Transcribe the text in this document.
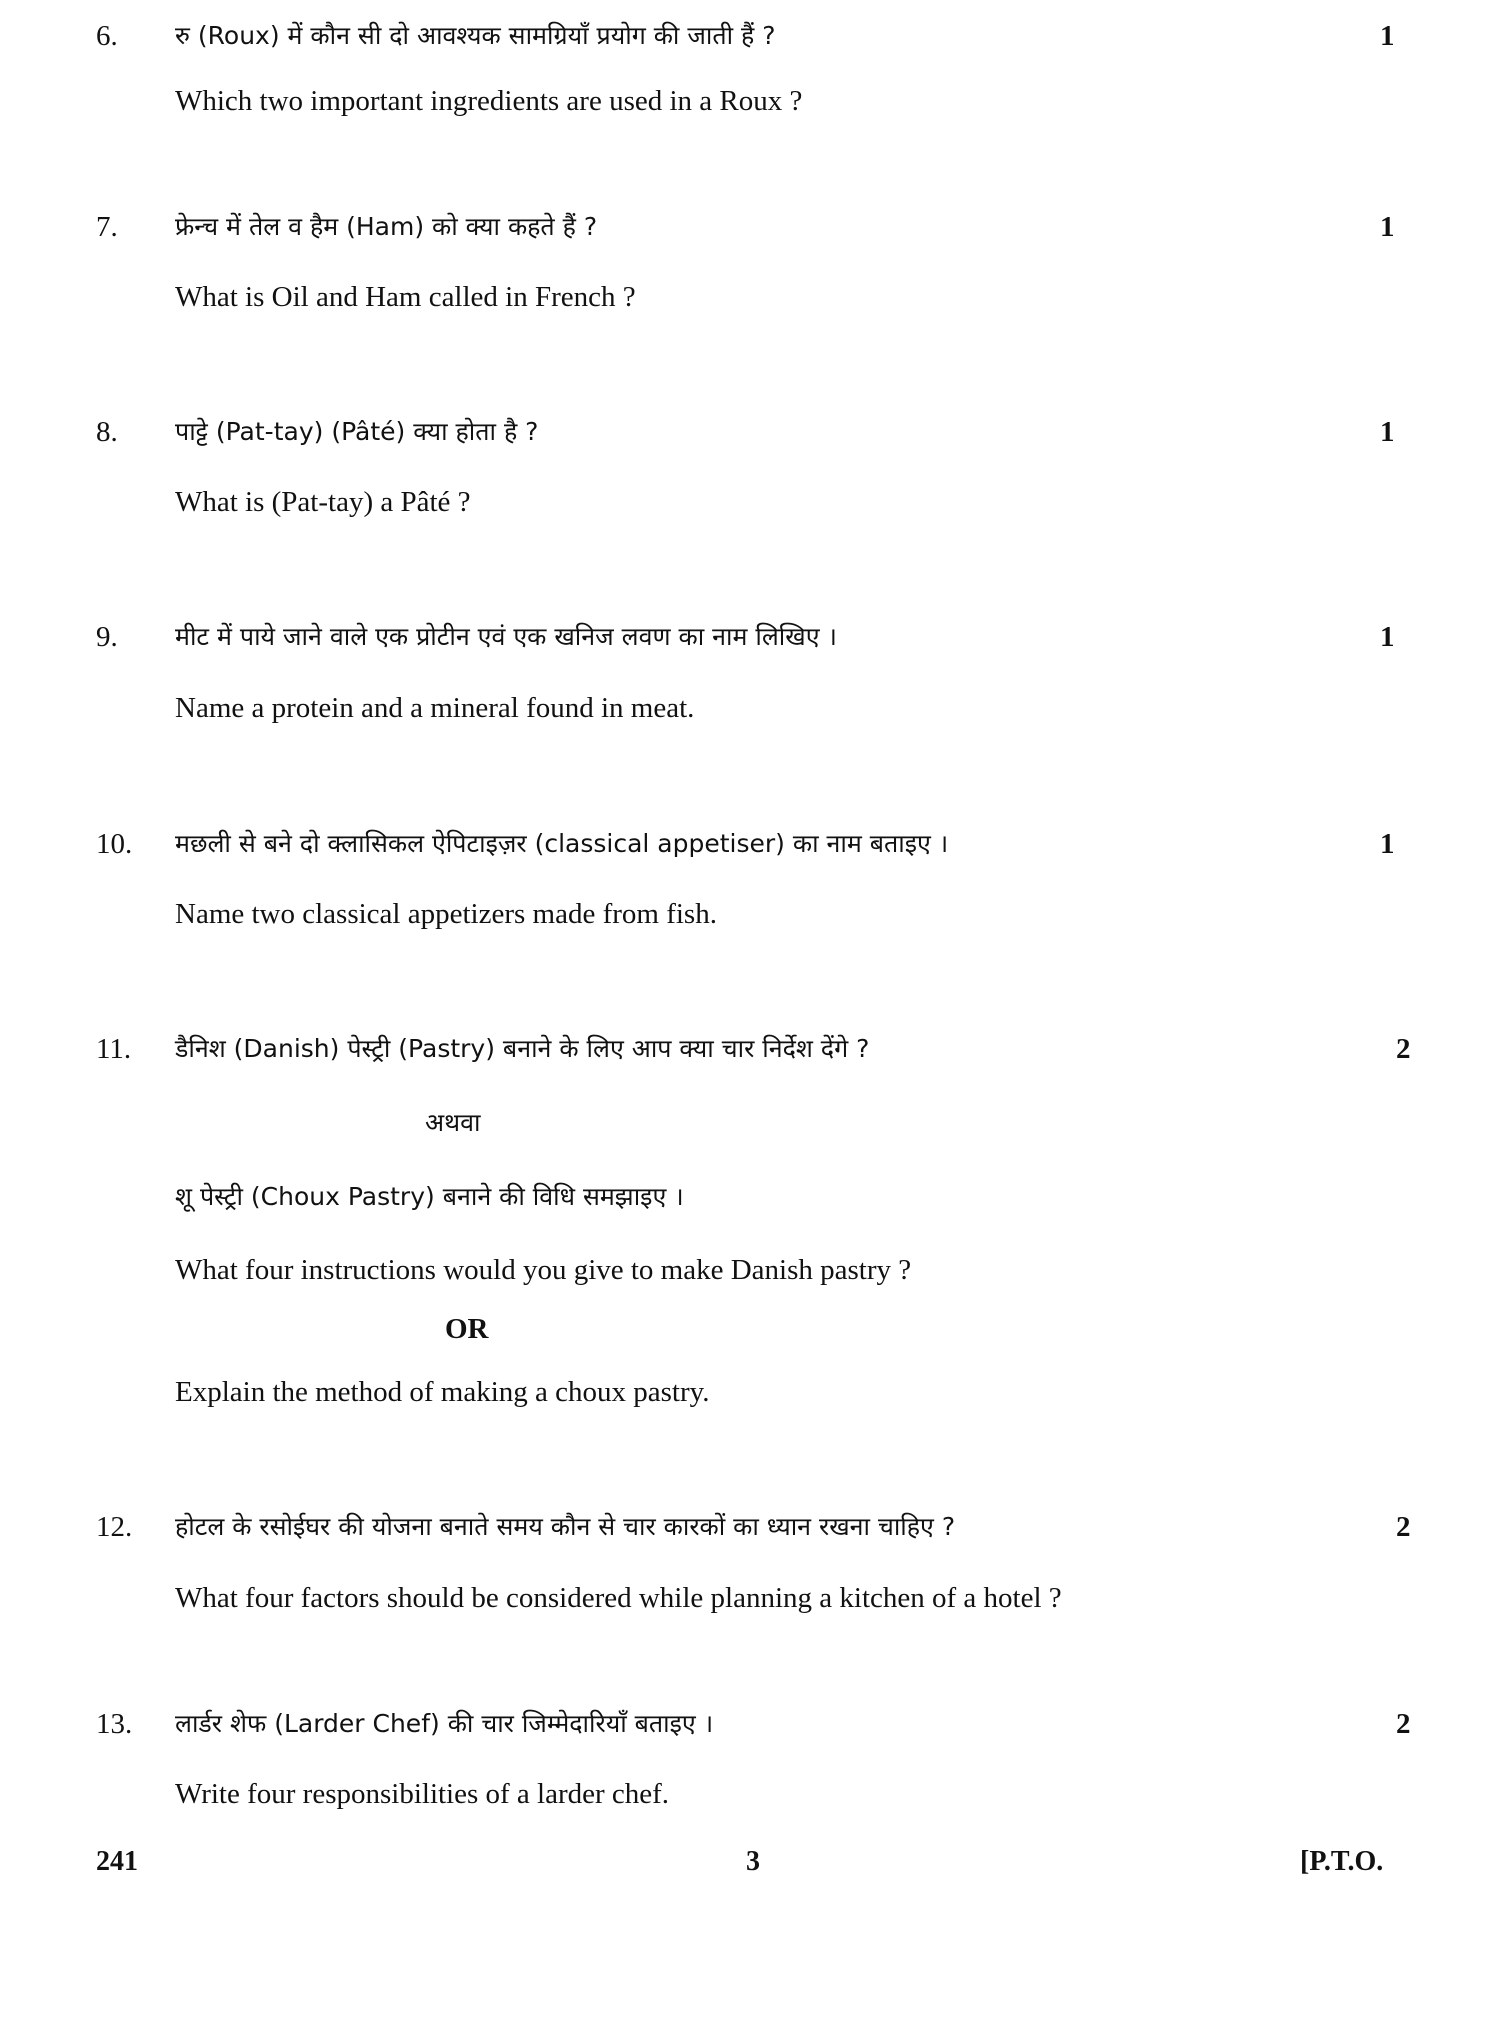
6. रु (Roux) में कौन सी दो आवश्यक सामग्रियाँ प्रयोग की जाती हैं ?	1
Which two important ingredients are used in a Roux ?
7. फ्रेन्च में तेल व हैम (Ham) को क्या कहते हैं ?	1
What is Oil and Ham called in French ?
8. पाट्टे (Pat-tay) (Pâté) क्या होता है ?	1
What is (Pat-tay) a Pâté ?
9. मीट में पाये जाने वाले एक प्रोटीन एवं एक खनिज लवण का नाम लिखिए ।	1
Name a protein and a mineral found in meat.
10. मछली से बने दो क्लासिकल ऐपिटाइज़र (classical appetiser) का नाम बताइए ।	1
Name two classical appetizers made from fish.
11. डैनिश (Danish) पेस्ट्री (Pastry) बनाने के लिए आप क्या चार निर्देश देंगे ?	2
अथवा
शू पेस्ट्री (Choux Pastry) बनाने की विधि समझाइए ।
What four instructions would you give to make Danish pastry ?
OR
Explain the method of making a choux pastry.
12. होटल के रसोईघर की योजना बनाते समय कौन से चार कारकों का ध्यान रखना चाहिए ?	2
What four factors should be considered while planning a kitchen of a hotel ?
13. लार्डर शेफ (Larder Chef) की चार जिम्मेदारियाँ बताइए ।	2
Write four responsibilities of a larder chef.
241	3	[P.T.O.
